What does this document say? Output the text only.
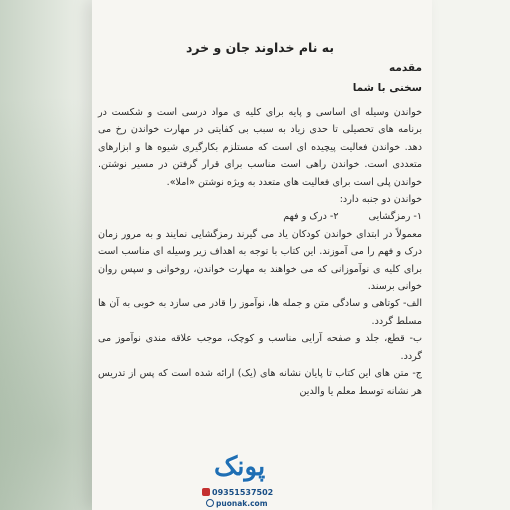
به نام خداوند جان و خرد
مقدمه
سخنی با شما

خواندن وسیله ای اساسی و پایه برای کلیه ی مواد درسی است و شکست در برنامه های تحصیلی تا حدی زیاد به سبب بی کفایتی در مهارت خواندن رخ می دهد. خواندن فعالیت پیچیده ای است که مستلزم بکارگیری شیوه ها و ابزارهای متعددی است. خواندن راهی است مناسب برای قرار گرفتن در مسیر نوشتن. خواندن پلی است برای فعالیت های متعدد به ویژه نوشتن «املا».

خواندن دو جنبه دارد:

۱- رمزگشایی
۲- درک و فهم

معمولاً در ابتدای خواندن کودکان یاد می گیرند رمزگشایی نمایند و به مرور زمان درک و فهم را می آموزند. این کتاب با توجه به اهداف زیر وسیله ای مناسب است برای کلیه ی نوآموزانی که می خواهند به مهارت خواندن، روخوانی و سپس روان خوانی برسند.

الف- کوتاهی و سادگی متن و جمله ها، نوآموز را قادر می سازد به خوبی به آن ها مسلط گردد.

ب- قطع، جلد و صفحه آرایی مناسب و کوچک، موجب علاقه مندی نوآموز می گردد.

ج- متن های این کتاب تا پایان نشانه های (یک) ارائه شده است که پس از تدریس هر نشانه توسط معلم یا والدین

پونک
09351537502
puonak.com
